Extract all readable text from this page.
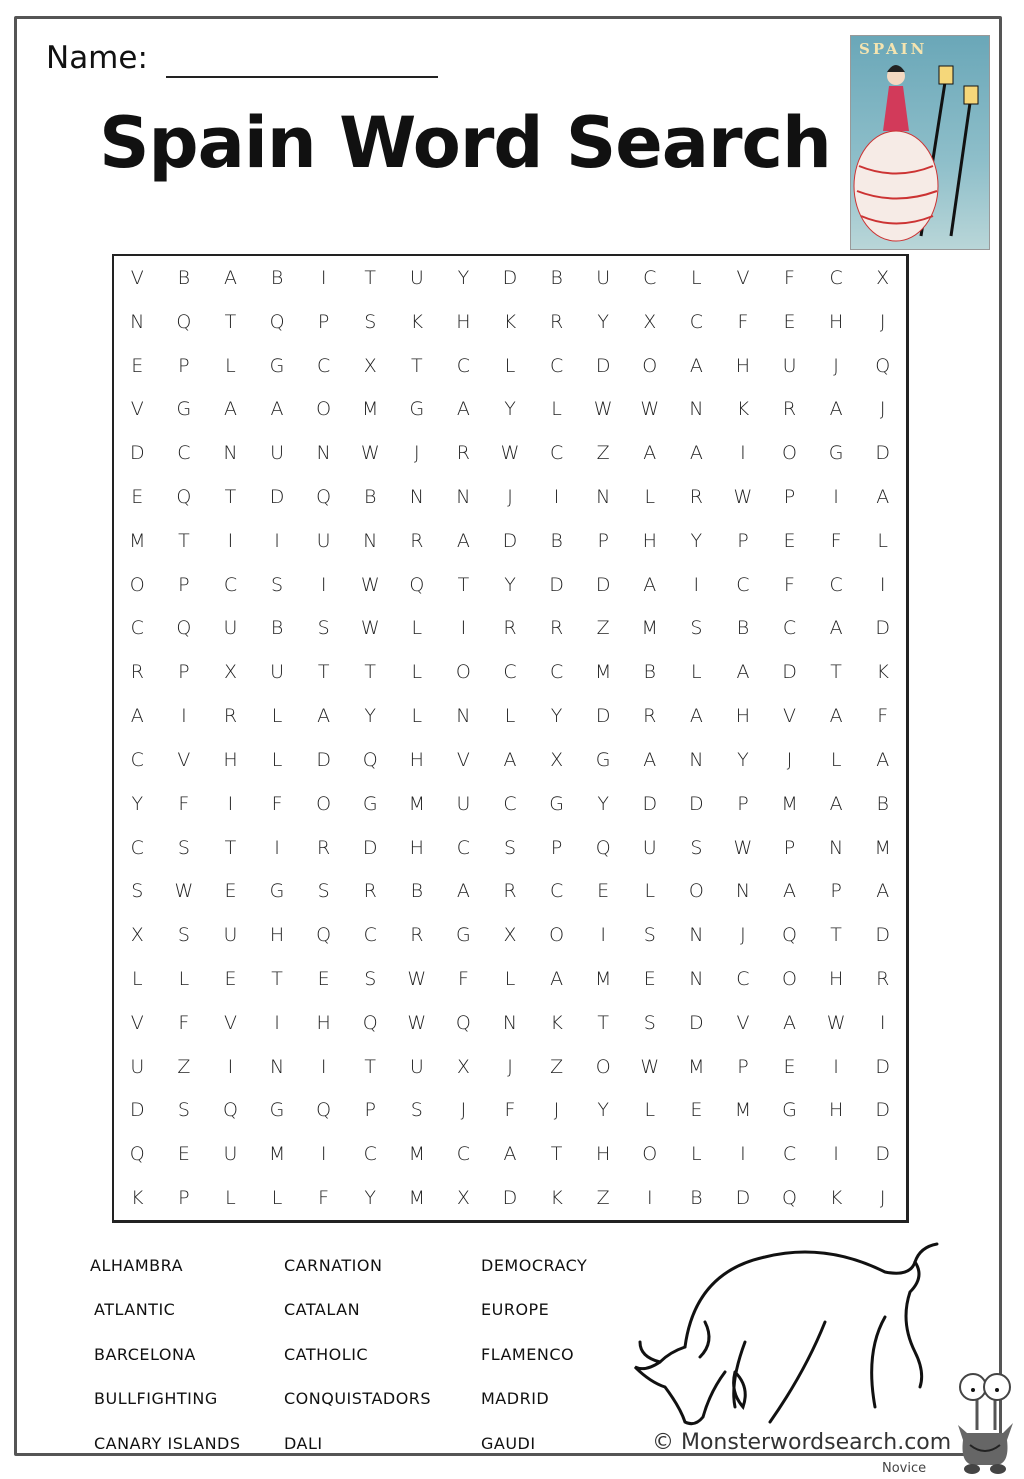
Name:
Spain Word Search
SPAIN
V	B	A	B	I	T	U	Y	D	B	U	C	L	V	F	C	X
N	Q	T	Q	P	S	K	H	K	R	Y	X	C	F	E	H	J
E	P	L	G	C	X	T	C	L	C	D	O	A	H	U	J	Q
V	G	A	A	O	M	G	A	Y	L	W	W	N	K	R	A	J
D	C	N	U	N	W	J	R	W	C	Z	A	A	I	O	G	D
E	Q	T	D	Q	B	N	N	J	I	N	L	R	W	P	I	A
M	T	I	I	U	N	R	A	D	B	P	H	Y	P	E	F	L
O	P	C	S	I	W	Q	T	Y	D	D	A	I	C	F	C	I
C	Q	U	B	S	W	L	I	R	R	Z	M	S	B	C	A	D
R	P	X	U	T	T	L	O	C	C	M	B	L	A	D	T	K
A	I	R	L	A	Y	L	N	L	Y	D	R	A	H	V	A	F
C	V	H	L	D	Q	H	V	A	X	G	A	N	Y	J	L	A
Y	F	I	F	O	G	M	U	C	G	Y	D	D	P	M	A	B
C	S	T	I	R	D	H	C	S	P	Q	U	S	W	P	N	M
S	W	E	G	S	R	B	A	R	C	E	L	O	N	A	P	A
X	S	U	H	Q	C	R	G	X	O	I	S	N	J	Q	T	D
L	L	E	T	E	S	W	F	L	A	M	E	N	C	O	H	R
V	F	V	I	H	Q	W	Q	N	K	T	S	D	V	A	W	I
U	Z	I	N	I	T	U	X	J	Z	O	W	M	P	E	I	D
D	S	Q	G	Q	P	S	J	F	J	Y	L	E	M	G	H	D
Q	E	U	M	I	C	M	C	A	T	H	O	L	I	C	I	D
K	P	L	L	F	Y	M	X	D	K	Z	I	B	D	Q	K	J
ALHAMBRA
ATLANTIC
BARCELONA
BULLFIGHTING
CANARY ISLANDS
CARNATION
CATALAN
CATHOLIC
CONQUISTADORS
DALI
DEMOCRACY
EUROPE
FLAMENCO
MADRID
GAUDI	© Monsterwordsearch.com
Novice
